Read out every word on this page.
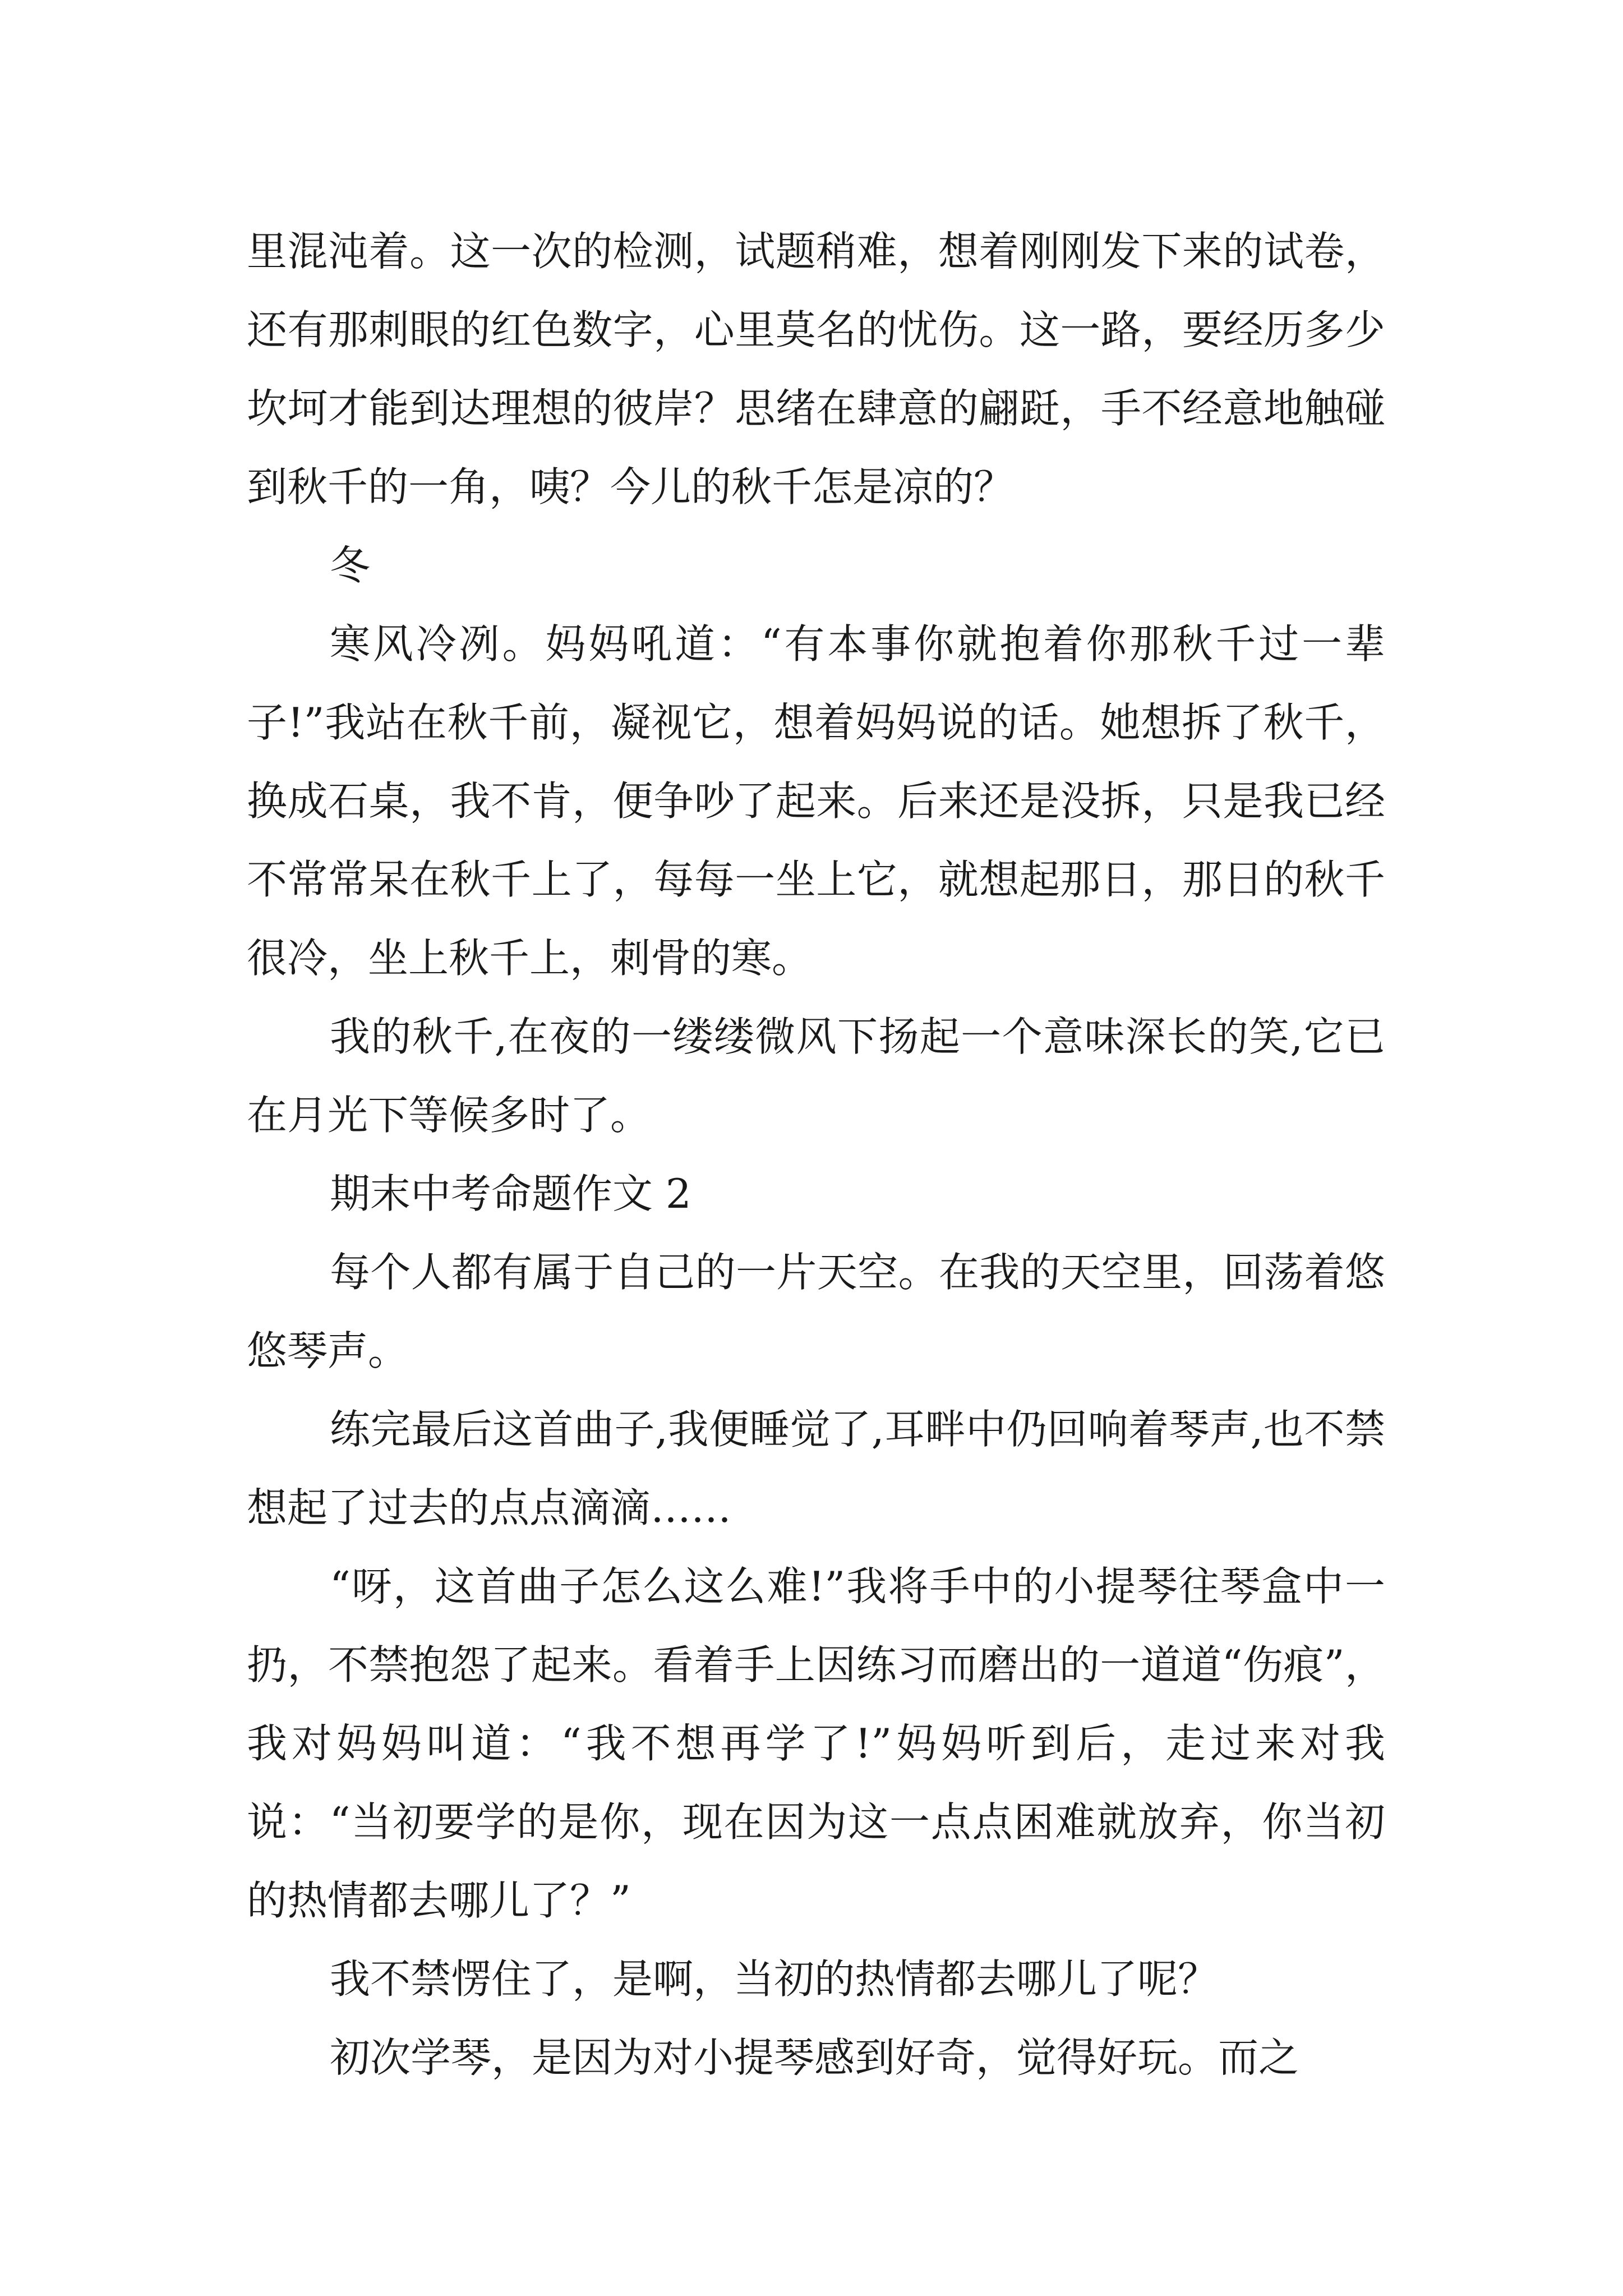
里混沌着。这一次的检测，试题稍难，想着刚刚发下来的试卷，还有那刺眼的红色数字，心里莫名的忧伤。这一路，要经历多少坎坷才能到达理想的彼岸？思绪在肆意的翩跹，手不经意地触碰到秋千的一角，咦？今儿的秋千怎是凉的？

冬

寒风冷冽。妈妈吼道：“有本事你就抱着你那秋千过一辈子!”我站在秋千前，凝视它，想着妈妈说的话。她想拆了秋千，换成石桌，我不肯，便争吵了起来。后来还是没拆，只是我已经不常常呆在秋千上了，每每一坐上它，就想起那日，那日的秋千很冷，坐上秋千上，刺骨的寒。

我的秋千,在夜的一缕缕微风下扬起一个意味深长的笑,它已在月光下等候多时了。

期末中考命题作文 2

每个人都有属于自己的一片天空。在我的天空里，回荡着悠悠琴声。

练完最后这首曲子,我便睡觉了,耳畔中仍回响着琴声,也不禁想起了过去的点点滴滴……

“呀，这首曲子怎么这么难!”我将手中的小提琴往琴盒中一扔，不禁抱怨了起来。看着手上因练习而磨出的一道道“伤痕”，我对妈妈叫道：“我不想再学了!”妈妈听到后，走过来对我说：“当初要学的是你，现在因为这一点点困难就放弃，你当初的热情都去哪儿了？”

我不禁愣住了，是啊，当初的热情都去哪儿了呢？

初次学琴，是因为对小提琴感到好奇，觉得好玩。而之
